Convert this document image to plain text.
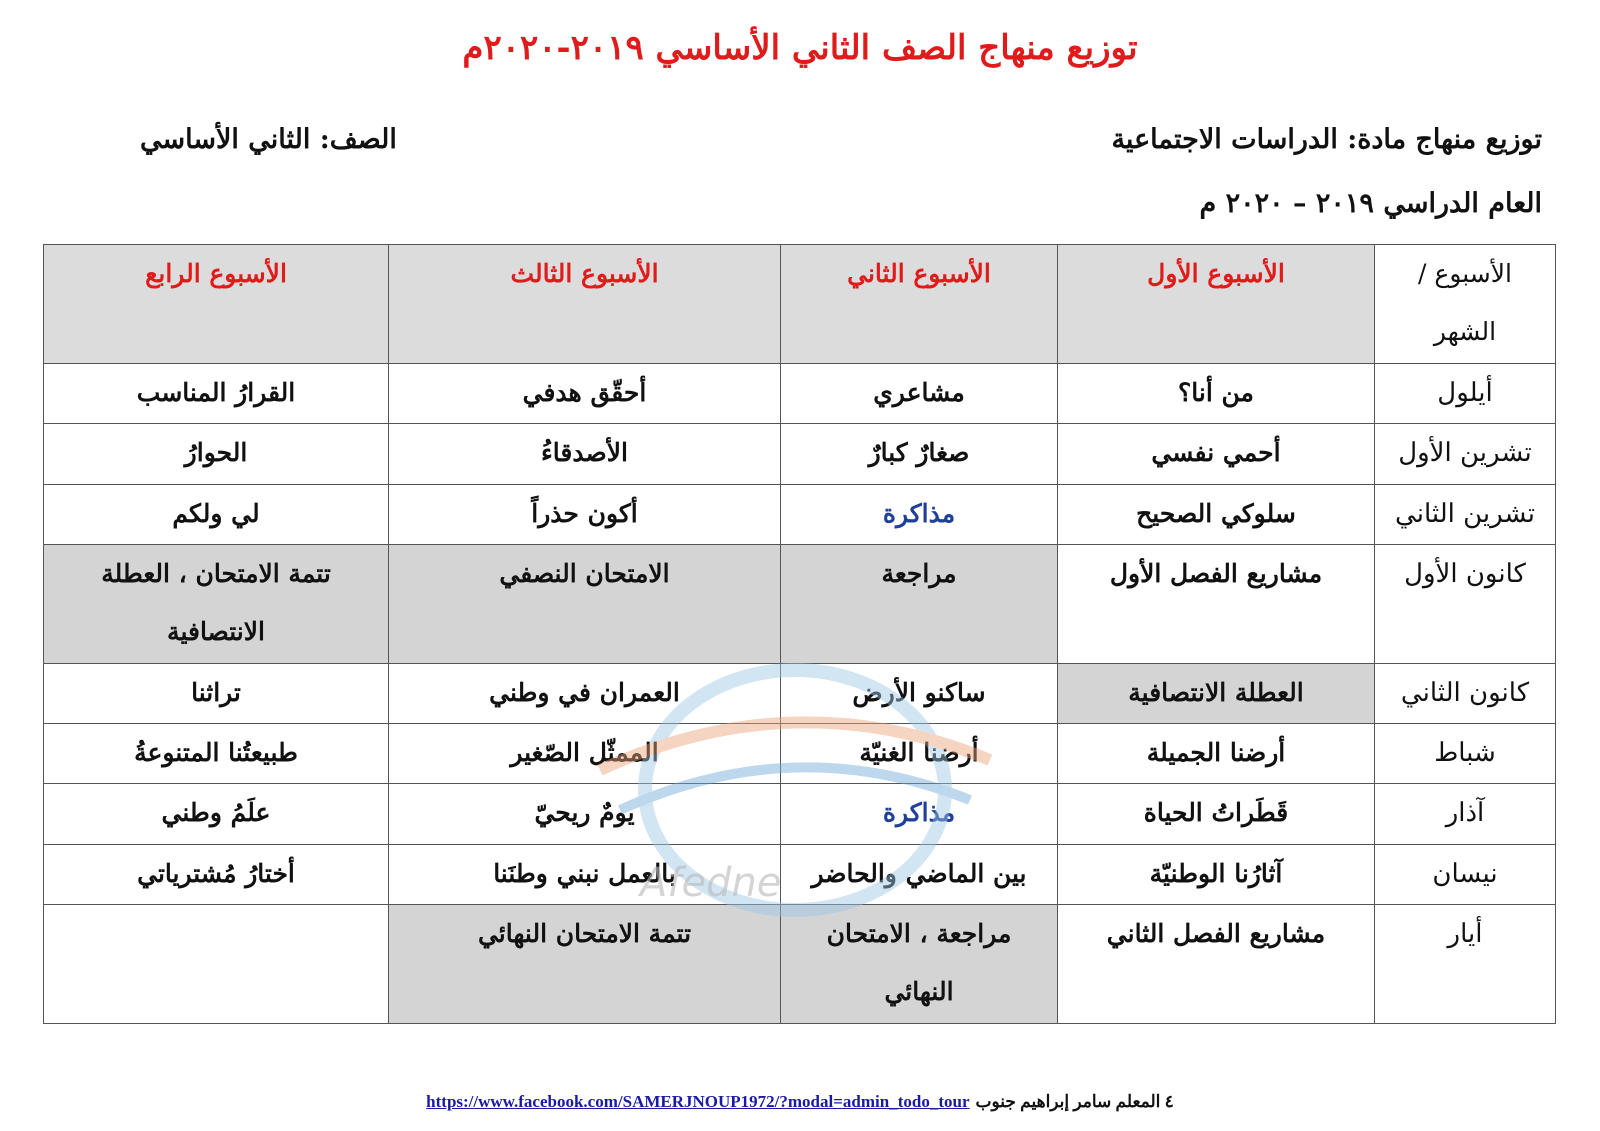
توزيع منهاج الصف الثاني الأساسي ٢٠١٩-٢٠٢٠م
توزيع منهاج مادة: الدراسات الاجتماعية
الصف: الثاني الأساسي
العام الدراسي ٢٠١٩ – ٢٠٢٠ م
الأسبوع / الشهر	الأسبوع الأول	الأسبوع الثاني	الأسبوع الثالث	الأسبوع الرابع
أيلول	من أنا؟	مشاعري	أحقّق هدفي	القرارُ المناسب
تشرين الأول	أحمي نفسي	صغارٌ كبارٌ	الأصدقاءُ	الحوارُ
تشرين الثاني	سلوكي الصحيح	مذاكرة	أكون حذراً	لي ولكم
كانون الأول	مشاريع الفصل الأول	مراجعة	الامتحان النصفي	تتمة الامتحان ، العطلة الانتصافية
كانون الثاني	العطلة الانتصافية	ساكنو الأرض	العمران في وطني	تراثنا
شباط	أرضنا الجميلة	أرضنا الغنيّة	الممثّل الصّغير	طبيعتُنا المتنوعةُ
آذار	قَطَراتُ الحياة	مذاكرة	يومٌ ريحيّ	علَمُ وطني
نيسان	آثارُنا الوطنيّة	بين الماضي والحاضر	بالعمل نبني وطنَنا	أختارُ مُشترياتي
أيار	مشاريع الفصل الثاني	مراجعة ، الامتحان النهائي	تتمة الامتحان النهائي	
Afedne
https://www.facebook.com/SAMERJNOUP1972/?modal=admin_todo_tour ٤ المعلم سامر إبراهيم جنوب
